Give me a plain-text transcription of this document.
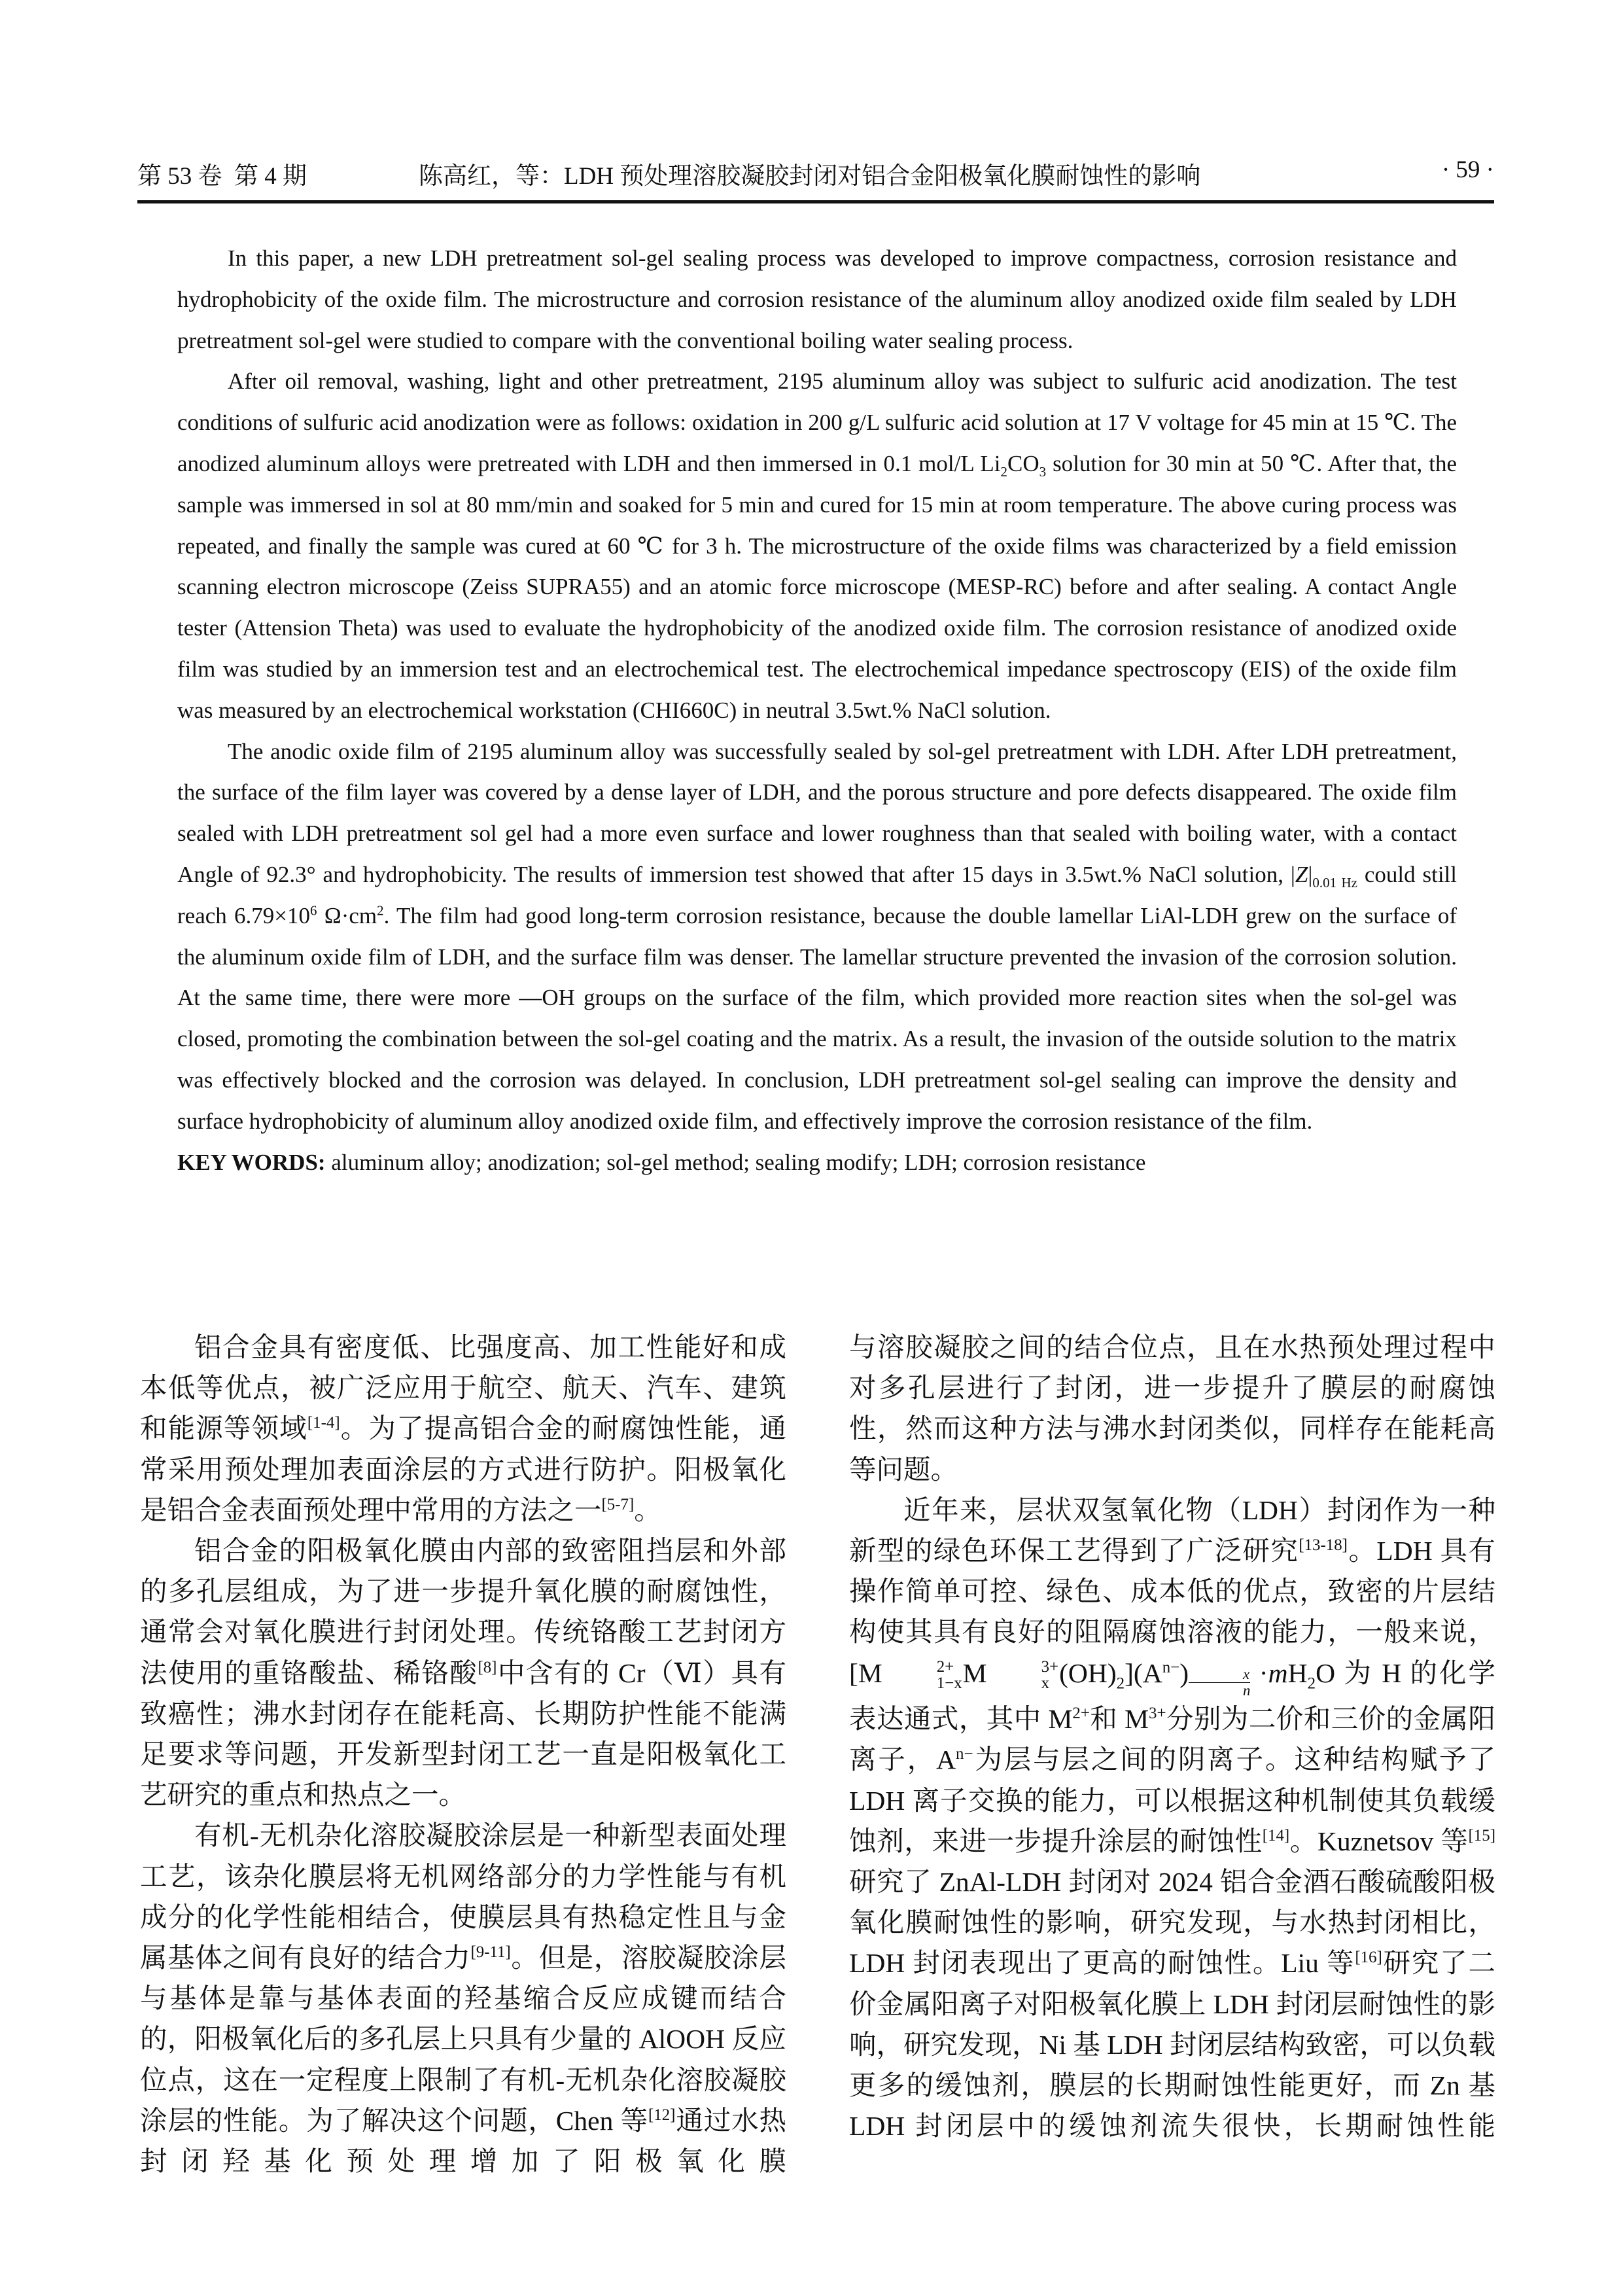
第 53 卷 第 4 期	陈高红，等：LDH 预处理溶胶凝胶封闭对铝合金阳极氧化膜耐蚀性的影响	· 59 ·

In this paper, a new LDH pretreatment sol-gel sealing process was developed to improve compactness, corrosion resistance and hydrophobicity of the oxide film. The microstructure and corrosion resistance of the aluminum alloy anodized oxide film sealed by LDH pretreatment sol-gel were studied to compare with the conventional boiling water sealing process.

After oil removal, washing, light and other pretreatment, 2195 aluminum alloy was subject to sulfuric acid anodization. The test conditions of sulfuric acid anodization were as follows: oxidation in 200 g/L sulfuric acid solution at 17 V voltage for 45 min at 15 ℃. The anodized aluminum alloys were pretreated with LDH and then immersed in 0.1 mol/L $Li_2CO_3$ solution for 30 min at 50 ℃. After that, the sample was immersed in sol at 80 mm/min and soaked for 5 min and cured for 15 min at room temperature. The above curing process was repeated, and finally the sample was cured at 60 ℃ for 3 h. The microstructure of the oxide films was characterized by a field emission scanning electron microscope (Zeiss SUPRA55) and an atomic force microscope (MESP-RC) before and after sealing. A contact Angle tester (Attension Theta) was used to evaluate the hydrophobicity of the anodized oxide film. The corrosion resistance of anodized oxide film was studied by an immersion test and an electrochemical test. The electrochemical impedance spectroscopy (EIS) of the oxide film was measured by an electrochemical workstation (CHI660C) in neutral 3.5wt.% NaCl solution.

The anodic oxide film of 2195 aluminum alloy was successfully sealed by sol-gel pretreatment with LDH. After LDH pretreatment, the surface of the film layer was covered by a dense layer of LDH, and the porous structure and pore defects disappeared. The oxide film sealed with LDH pretreatment sol gel had a more even surface and lower roughness than that sealed with boiling water, with a contact Angle of 92.3° and hydrophobicity. The results of immersion test showed that after 15 days in 3.5wt.% NaCl solution, $|Z|_{0.01 Hz}$ could still reach $6.79\times 10^6$ $\Omega\cdot cm^2$. The film had good long-term corrosion resistance, because the double lamellar LiAl-LDH grew on the surface of the aluminum oxide film of LDH, and the surface film was denser. The lamellar structure prevented the invasion of the corrosion solution. At the same time, there were more —OH groups on the surface of the film, which provided more reaction sites when the sol-gel was closed, promoting the combination between the sol-gel coating and the matrix. As a result, the invasion of the outside solution to the matrix was effectively blocked and the corrosion was delayed. In conclusion, LDH pretreatment sol-gel sealing can improve the density and surface hydrophobicity of aluminum alloy anodized oxide film, and effectively improve the corrosion resistance of the film.

KEY WORDS: aluminum alloy; anodization; sol-gel method; sealing modify; LDH; corrosion resistance

铝合金具有密度低、比强度高、加工性能好和成本低等优点，被广泛应用于航空、航天、汽车、建筑和能源等领域[1-4]。为了提高铝合金的耐腐蚀性能，通常采用预处理加表面涂层的方式进行防护。阳极氧化是铝合金表面预处理中常用的方法之一[5-7]。

铝合金的阳极氧化膜由内部的致密阻挡层和外部的多孔层组成，为了进一步提升氧化膜的耐腐蚀性，通常会对氧化膜进行封闭处理。传统铬酸工艺封闭方法使用的重铬酸盐、稀铬酸[8]中含有的 Cr（Ⅵ）具有致癌性；沸水封闭存在能耗高、长期防护性能不能满足要求等问题，开发新型封闭工艺一直是阳极氧化工艺研究的重点和热点之一。

有机-无机杂化溶胶凝胶涂层是一种新型表面处理工艺，该杂化膜层将无机网络部分的力学性能与有机成分的化学性能相结合，使膜层具有热稳定性且与金属基体之间有良好的结合力[9-11]。但是，溶胶凝胶涂层与基体是靠与基体表面的羟基缩合反应成键而结合的，阳极氧化后的多孔层上只具有少量的 AlOOH 反应位点，这在一定程度上限制了有机-无机杂化溶胶凝胶涂层的性能。为了解决这个问题，Chen 等[12]通过水热封闭羟基化预处理增加了阳极氧化膜

与溶胶凝胶之间的结合位点，且在水热预处理过程中对多孔层进行了封闭，进一步提升了膜层的耐腐蚀性，然而这种方法与沸水封闭类似，同样存在能耗高等问题。

近年来，层状双氢氧化物（LDH）封闭作为一种新型的绿色环保工艺得到了广泛研究[13-18]。LDH 具有操作简单可控、绿色、成本低的优点，致密的片层结构使其具有良好的阻隔腐蚀溶液的能力，一般来说，[M	2+
1−x M	3+
x $(OH)_2](A^{n-}) \frac{x}{n} \cdot mH_2O$ 为 H 的化学表达通式，其中 $M^{2+}$和 $M^{3+}$分别为二价和三价的金属阳离子，$A^{n-}$为层与层之间的阴离子。这种结构赋予了 LDH 离子交换的能力，可以根据这种机制使其负载缓蚀剂，来进一步提升涂层的耐蚀性[14]。Kuznetsov 等[15]研究了 ZnAl-LDH 封闭对 2024 铝合金酒石酸硫酸阳极氧化膜耐蚀性的影响，研究发现，与水热封闭相比，LDH 封闭表现出了更高的耐蚀性。Liu 等[16]研究了二价金属阳离子对阳极氧化膜上 LDH 封闭层耐蚀性的影响，研究发现，Ni 基 LDH 封闭层结构致密，可以负载更多的缓蚀剂，膜层的长期耐蚀性能更好，而 Zn 基 LDH 封闭层中的缓蚀剂流失很快，长期耐蚀性能
